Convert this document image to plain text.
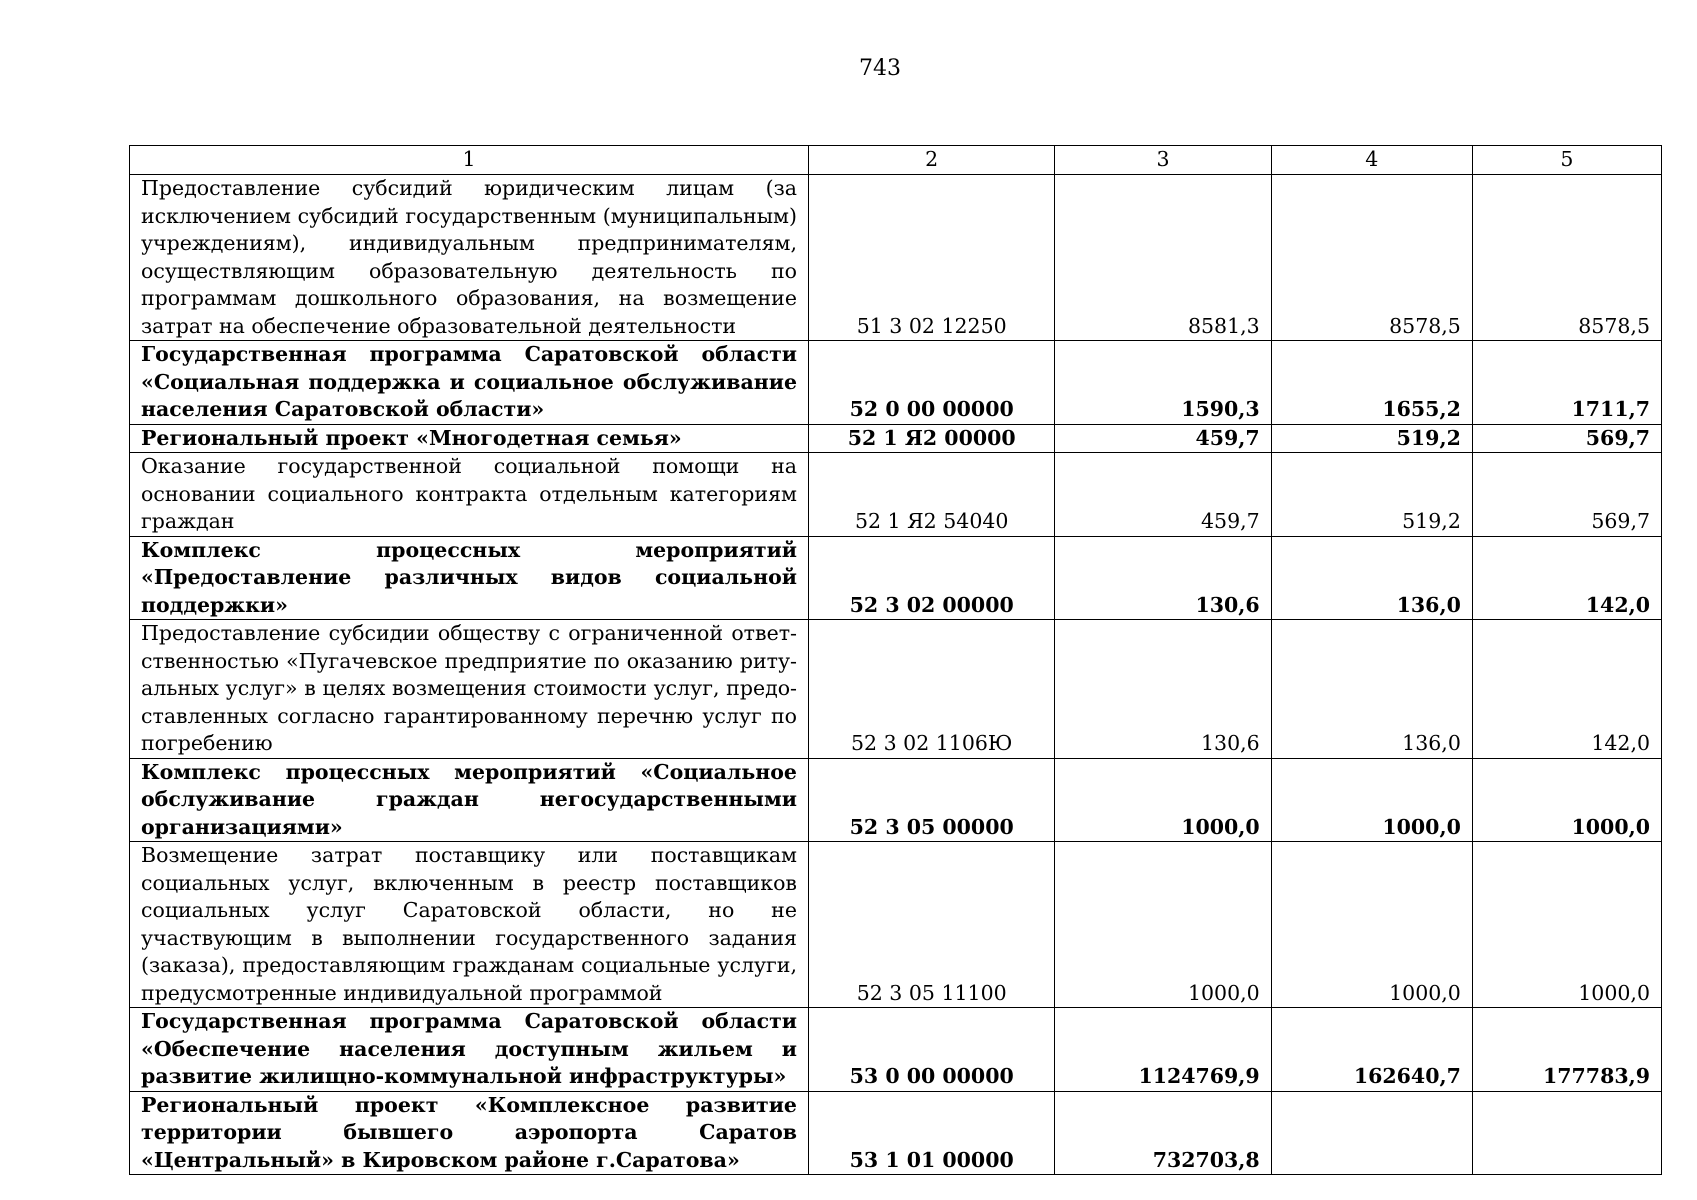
743
1	2	3	4	5
Предоставление субсидий юридическим лицам (за исключением субсидий государственным (муниципальным) учреждениям), индивидуальным предпринимателям, осуществляющим образовательную деятельность по программам дошкольного образования, на возмещение затрат на обеспечение образовательной деятельности	51 3 02 12250	8581,3	8578,5	8578,5
Государственная программа Саратовской области «Социальная поддержка и социальное обслуживание населения Саратовской области»	52 0 00 00000	1590,3	1655,2	1711,7
Региональный проект «Многодетная семья»	52 1 Я2 00000	459,7	519,2	569,7
Оказание государственной социальной помощи на основании социального контракта отдельным категориям граждан	52 1 Я2 54040	459,7	519,2	569,7
Комплекс процессных мероприятий «Предоставление различных видов социальной поддержки»	52 3 02 00000	130,6	136,0	142,0
Предоставление субсидии обществу с ограниченной ответственностью «Пугачевское предприятие по оказанию ритуальных услуг» в целях возмещения стоимости услуг, предоставленных согласно гарантированному перечню услуг по погребению	52 3 02 1106Ю	130,6	136,0	142,0
Комплекс процессных мероприятий «Социальное обслуживание граждан негосударственными организациями»	52 3 05 00000	1000,0	1000,0	1000,0
Возмещение затрат поставщику или поставщикам социальных услуг, включенным в реестр поставщиков социальных услуг Саратовской области, но не участвующим в выполнении государственного задания (заказа), предоставляющим гражданам социальные услуги, предусмотренные индивидуальной программой	52 3 05 11100	1000,0	1000,0	1000,0
Государственная программа Саратовской области «Обеспечение населения доступным жильем и развитие жилищно-коммунальной инфраструктуры»	53 0 00 00000	1124769,9	162640,7	177783,9
Региональный проект «Комплексное развитие территории бывшего аэропорта Саратов «Центральный» в Кировском районе г.Саратова»	53 1 01 00000	732703,8		
